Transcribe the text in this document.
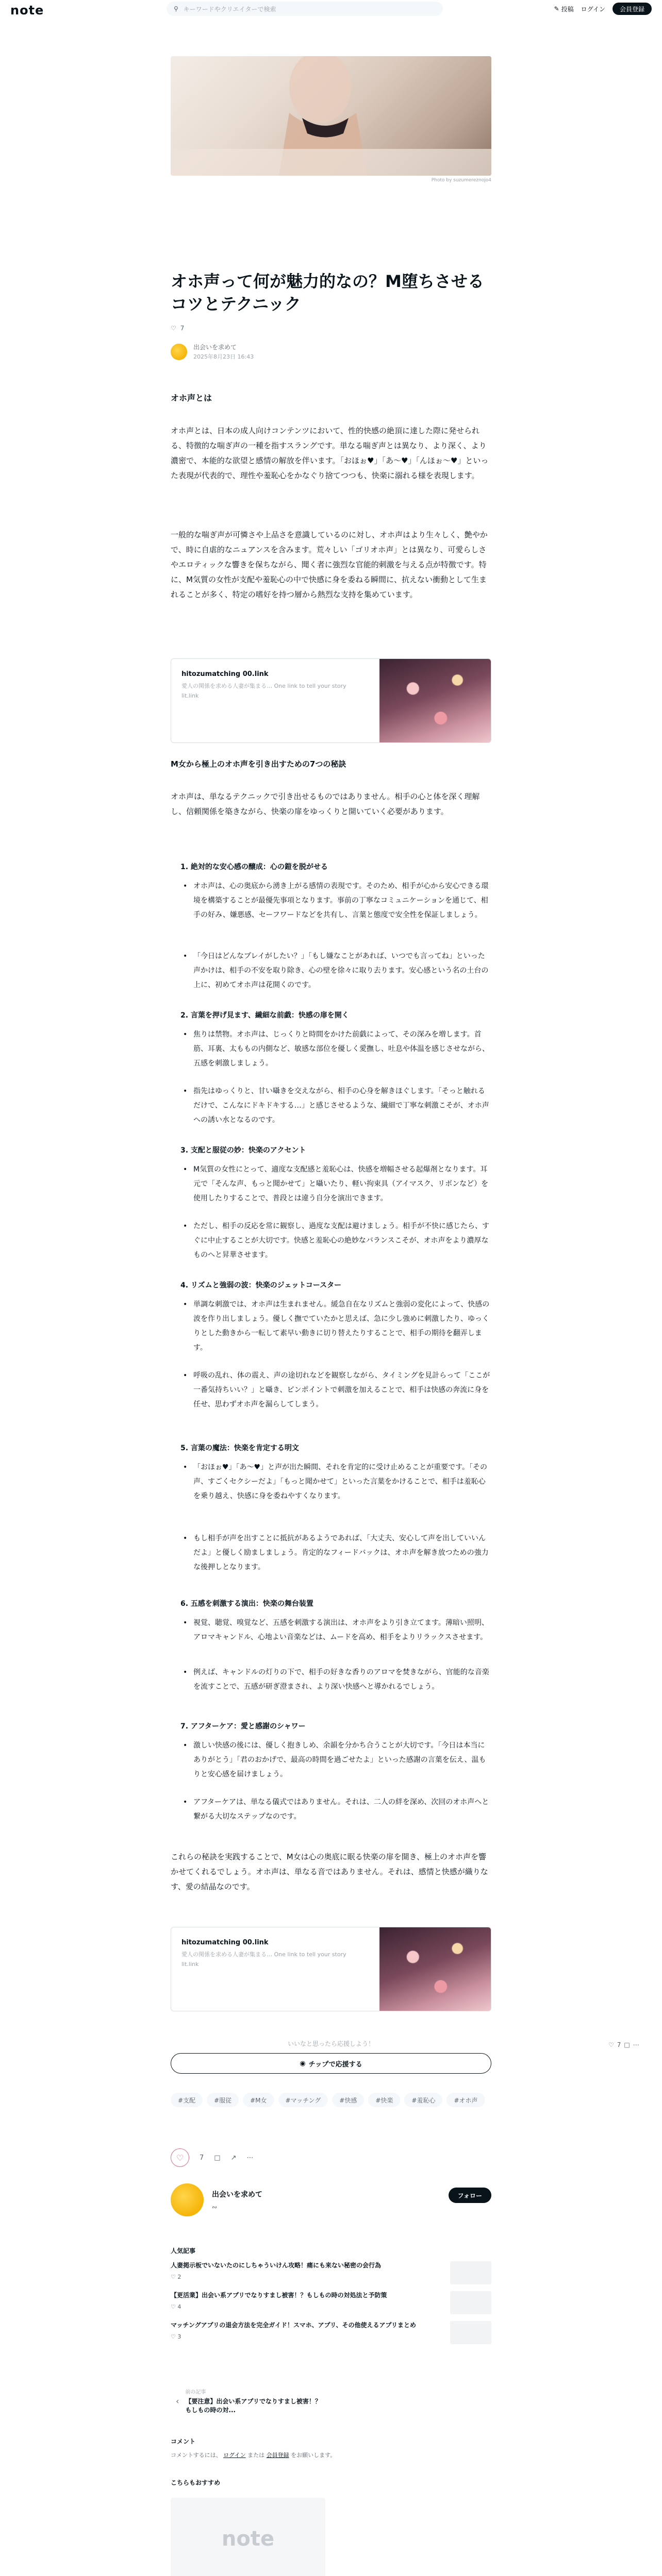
note	⚲ キーワードやクリエイターで検索	✎ 投稿 ログイン	会員登録
Photo by suzumereznojo4
オホ声って何が魅力的なの？M堕ちさせるコツとテクニック
♡ 7
出会いを求めて
2025年8月23日 16:43
オホ声とは

オホ声とは、日本の成人向けコンテンツにおいて、性的快感の絶頂に達した際に発せられる、特徴的な喘ぎ声の一種を指すスラングです。単なる喘ぎ声とは異なり、より深く、より濃密で、本能的な欲望と感情の解放を伴います。「おほぉ♥」「あ〜♥」「んほぉ〜♥」といった表現が代表的で、理性や羞恥心をかなぐり捨てつつも、快楽に溺れる様を表現します。

一般的な喘ぎ声が可憐さや上品さを意識しているのに対し、オホ声はより生々しく、艶やかで、時に自虐的なニュアンスを含みます。荒々しい「ゴリオホ声」とは異なり、可愛らしさやエロティックな響きを保ちながら、聞く者に強烈な官能的刺激を与える点が特徴です。特に、M気質の女性が支配や羞恥心の中で快感に身を委ねる瞬間に、抗えない衝動として生まれることが多く、特定の嗜好を持つ層から熱烈な支持を集めています。

hitozumatching 00.link
愛人の関係を求める人妻が集まる… One link to tell your story
lit.link
M女から極上のオホ声を引き出すための7つの秘訣

オホ声は、単なるテクニックで引き出せるものではありません。相手の心と体を深く理解し、信頼関係を築きながら、快楽の扉をゆっくりと開いていく必要があります。

1. 絶対的な安心感の醸成：心の鎧を脱がせる

• オホ声は、心の奥底から湧き上がる感情の表現です。そのため、相手が心から安心できる環境を構築することが最優先事項となります。事前の丁寧なコミュニケーションを通じて、相手の好み、嫌悪感、セーフワードなどを共有し、言葉と態度で安全性を保証しましょう。

• 「今日はどんなプレイがしたい？」「もし嫌なことがあれば、いつでも言ってね」といった声かけは、相手の不安を取り除き、心の壁を徐々に取り去ります。安心感という名の土台の上に、初めてオホ声は花開くのです。

2. 言葉を押げ見ます、繊細な前戯：快感の扉を開く

• 焦りは禁物。オホ声は、じっくりと時間をかけた前戯によって、その深みを増します。首筋、耳裏、太ももの内側など、敏感な部位を優しく愛撫し、吐息や体温を感じさせながら、五感を刺激しましょう。

• 指先はゆっくりと、甘い囁きを交えながら、相手の心身を解きほぐします。「そっと触れるだけで、こんなにドキドキする…」と感じさせるような、繊細で丁寧な刺激こそが、オホ声への誘い水となるのです。

3. 支配と服従の妙：快楽のアクセント

• M気質の女性にとって、適度な支配感と羞恥心は、快感を増幅させる起爆剤となります。耳元で「そんな声、もっと聞かせて」と囁いたり、軽い拘束具（アイマスク、リボンなど）を使用したりすることで、普段とは違う自分を演出できます。

• ただし、相手の反応を常に観察し、過度な支配は避けましょう。相手が不快に感じたら、すぐに中止することが大切です。快感と羞恥心の絶妙なバランスこそが、オホ声をより濃厚なものへと昇華させます。

4. リズムと強弱の波：快楽のジェットコースター

• 単調な刺激では、オホ声は生まれません。緩急自在なリズムと強弱の変化によって、快感の波を作り出しましょう。優しく撫でていたかと思えば、急に少し強めに刺激したり、ゆっくりとした動きから一転して素早い動きに切り替えたりすることで、相手の期待を翻弄します。

• 呼吸の乱れ、体の震え、声の途切れなどを観察しながら、タイミングを見計らって「ここが一番気持ちいい？」と囁き、ピンポイントで刺激を加えることで、相手は快感の奔流に身を任せ、思わずオホ声を漏らしてしまう。

5. 言葉の魔法：快楽を肯定する明文

• 「おほぉ♥」「あ〜♥」と声が出た瞬間、それを肯定的に受け止めることが重要です。「その声、すごくセクシーだよ」「もっと聞かせて」といった言葉をかけることで、相手は羞恥心を乗り越え、快感に身を委ねやすくなります。

• もし相手が声を出すことに抵抗があるようであれば、「大丈夫、安心して声を出していいんだよ」と優しく励ましましょう。肯定的なフィードバックは、オホ声を解き放つための強力な後押しとなります。

6. 五感を刺激する演出：快楽の舞台装置

• 視覚、聴覚、嗅覚など、五感を刺激する演出は、オホ声をより引き立てます。薄暗い照明、アロマキャンドル、心地よい音楽などは、ムードを高め、相手をよりリラックスさせます。

• 例えば、キャンドルの灯りの下で、相手の好きな香りのアロマを焚きながら、官能的な音楽を流すことで、五感が研ぎ澄まされ、より深い快感へと導かれるでしょう。

7. アフターケア：愛と感謝のシャワー

• 激しい快感の後には、優しく抱きしめ、余韻を分かち合うことが大切です。「今日は本当にありがとう」「君のおかげで、最高の時間を過ごせたよ」といった感謝の言葉を伝え、温もりと安心感を届けましょう。

• アフターケアは、単なる儀式ではありません。それは、二人の絆を深め、次回のオホ声へと繋がる大切なステップなのです。

これらの秘訣を実践することで、M女は心の奥底に眠る快楽の扉を開き、極上のオホ声を響かせてくれるでしょう。オホ声は、単なる音ではありません。それは、感情と快感が織りなす、愛の結晶なのです。

hitozumatching 00.link
愛人の関係を求める人妻が集まる… One link to tell your story
lit.link
いいなと思ったら応援しよう！
◉ チップで応援する
#支配	#服従	#M女	#マッチング	#快感	#快楽	#羞恥心	#オホ声
♡	7 □ ↗ ⋯
出会いを求めて
∾
フォロー
人気記事
人妻掲示板でいないたのにしちゃういけん攻略！痛にも来ない秘密の会行為
♡ 2
【更活業】出会い系アプリでなりすまし被害！？もしもの時の対処法と予防策
♡ 4
マッチングアプリの退会方法を完全ガイド！スマホ、アプリ、その他使えるアプリまとめ
♡ 3
‹
前の記事
【要注意】出会い系アプリでなりすまし被害！？もしもの時の対...
コメント
コメントするには、 ログイン または 会員登録 をお願いします。
こちらもおすすめ
note
♡ 7 □ ⋯
